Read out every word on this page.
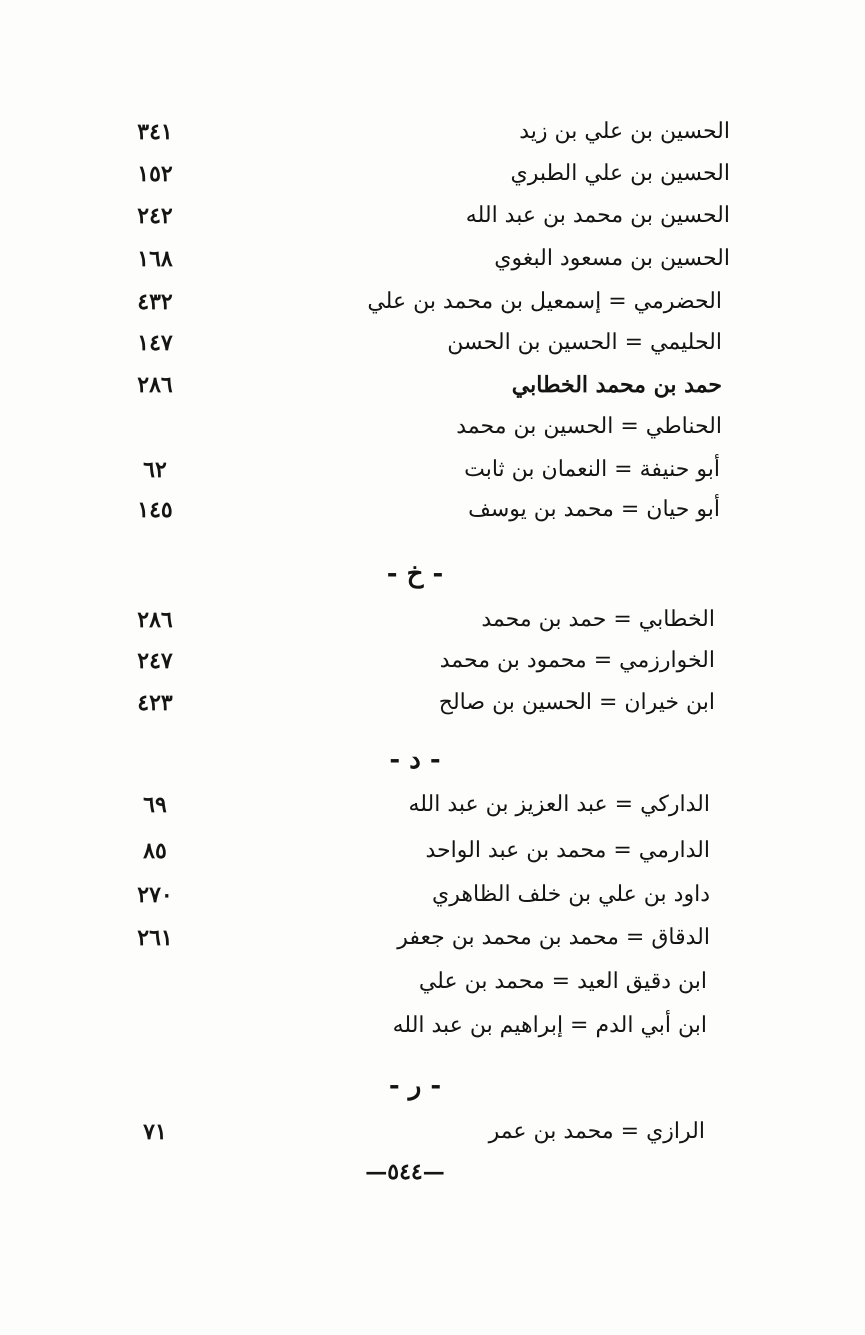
الحسين بن علي بن زيد
٣٤١
الحسين بن علي الطبري
١٥٢
الحسين بن محمد بن عبد الله
٢٤٢
الحسين بن مسعود البغوي
١٦٨
الحضرمي = إسمعيل بن محمد بن علي
٤٣٢
الحليمي = الحسين بن الحسن
١٤٧
حمد بن محمد الخطابي
٢٨٦
الحناطي = الحسين بن محمد
أبو حنيفة = النعمان بن ثابت
٦٢
أبو حيان = محمد بن يوسف
١٤٥
- خ -
الخطابي = حمد بن محمد
٢٨٦
الخوارزمي = محمود بن محمد
٢٤٧
ابن خيران = الحسين بن صالح
٤٢٣
- د -
الداركي = عبد العزيز بن عبد الله
٦٩
الدارمي = محمد بن عبد الواحد
٨٥
داود بن علي بن خلف الظاهري
٢٧٠
الدقاق = محمد بن محمد بن جعفر
٢٦١
ابن دقيق العيد = محمد بن علي
ابن أبي الدم = إبراهيم بن عبد الله
- ر -
الرازي = محمد بن عمر
٧١
—٥٤٤—
